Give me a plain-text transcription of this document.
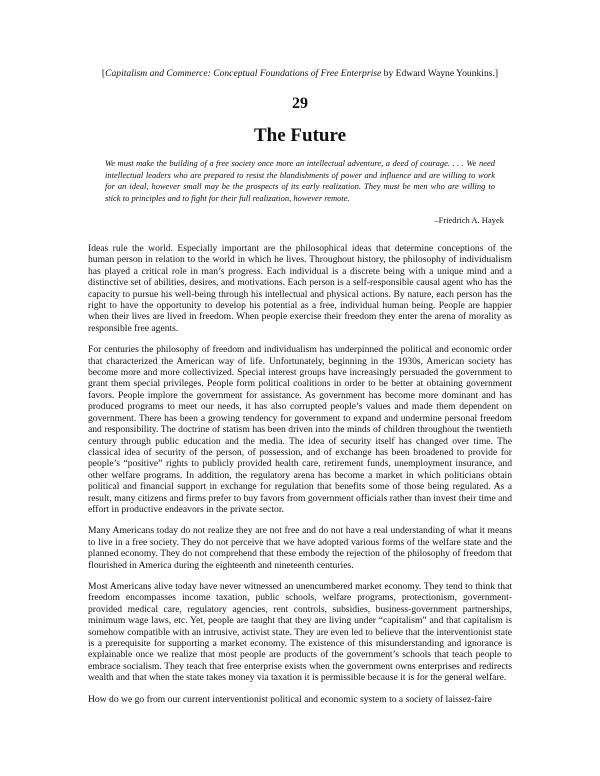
[Capitalism and Commerce: Conceptual Foundations of Free Enterprise by Edward Wayne Younkins.]
29
The Future
We must make the building of a free society once more an intellectual adventure, a deed of courage. . . . We need intellectual leaders who are prepared to resist the blandishments of power and influence and are willing to work for an ideal, however small may be the prospects of its early realization. They must be men who are willing to stick to principles and to fight for their full realization, however remote.
–Friedrich A. Hayek

Ideas rule the world. Especially important are the philosophical ideas that determine conceptions of the human person in relation to the world in which he lives. Throughout history, the philosophy of individualism has played a critical role in man’s progress. Each individual is a discrete being with a unique mind and a distinctive set of abilities, desires, and motivations. Each person is a self-responsible causal agent who has the capacity to pursue his well-being through his intellectual and physical actions. By nature, each person has the right to have the opportunity to develop his potential as a free, individual human being. People are happier when their lives are lived in freedom. When people exercise their freedom they enter the arena of morality as responsible free agents.

For centuries the philosophy of freedom and individualism has underpinned the political and economic order that characterized the American way of life. Unfortunately, beginning in the 1930s, American society has become more and more collectivized. Special interest groups have increasingly persuaded the government to grant them special privileges. People form political coalitions in order to be better at obtaining government favors. People implore the government for assistance. As government has become more dominant and has produced programs to meet our needs, it has also corrupted people’s values and made them dependent on government. There has been a growing tendency for government to expand and undermine personal freedom and responsibility. The doctrine of statism has been driven into the minds of children throughout the twentieth century through public education and the media. The idea of security itself has changed over time. The classical idea of security of the person, of possession, and of exchange has been broadened to provide for people’s “positive” rights to publicly provided health care, retirement funds, unemployment insurance, and other welfare programs. In addition, the regulatory arena has become a market in which politicians obtain political and financial support in exchange for regulation that benefits some of those being regulated. As a result, many citizens and firms prefer to buy favors from government officials rather than invest their time and effort in productive endeavors in the private sector.

Many Americans today do not realize they are not free and do not have a real understanding of what it means to live in a free society. They do not perceive that we have adopted various forms of the welfare state and the planned economy. They do not comprehend that these embody the rejection of the philosophy of freedom that flourished in America during the eighteenth and nineteenth centuries.

Most Americans alive today have never witnessed an unencumbered market economy. They tend to think that freedom encompasses income taxation, public schools, welfare programs, protectionism, government-provided medical care, regulatory agencies, rent controls, subsidies, business-government partnerships, minimum wage laws, etc. Yet, people are taught that they are living under “capitalism” and that capitalism is somehow compatible with an intrusive, activist state. They are even led to believe that the interventionist state is a prerequisite for supporting a market economy. The existence of this misunderstanding and ignorance is explainable once we realize that most people are products of the government’s schools that teach people to embrace socialism. They teach that free enterprise exists when the government owns enterprises and redirects wealth and that when the state takes money via taxation it is permissible because it is for the general welfare.

How do we go from our current interventionist political and economic system to a society of laissez-faire
